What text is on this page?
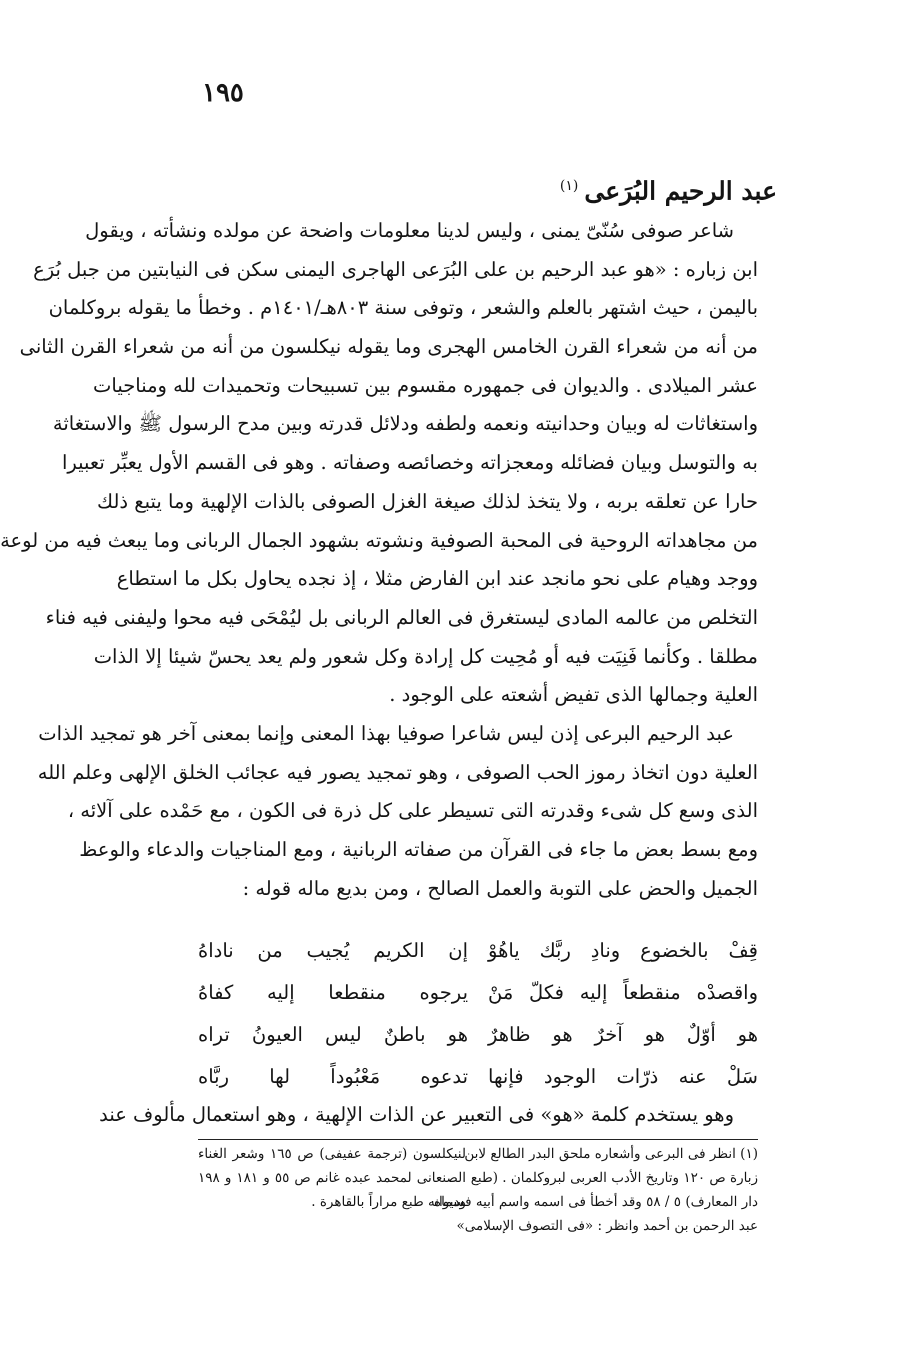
١٩٥
عبد الرحيم البُرَعى$^{(١)}$
شاعر صوفى سُنّىّ يمنى ، وليس لدينا معلومات واضحة عن مولده ونشأته ، ويقول
ابن زباره : «هو عبد الرحيم بن على البُرَعى الهاجرى اليمنى سكن فى النيابتين من جبل بُرَع
باليمن ، حيث اشتهر بالعلم والشعر ، وتوفى سنة ٨٠٣هـ/١٤٠١م . وخطأ ما يقوله بروكلمان
من أنه من شعراء القرن الخامس الهجرى وما يقوله نيكلسون من أنه من شعراء القرن الثانى
عشر الميلادى . والديوان فى جمهوره مقسوم بين تسبيحات وتحميدات لله ومناجيات
واستغاثات له وبيان وحدانيته ونعمه ولطفه ودلائل قدرته وبين مدح الرسول ﷺ والاستغاثة
به والتوسل وبيان فضائله ومعجزاته وخصائصه وصفاته . وهو فى القسم الأول يعبِّر تعبيرا
حارا عن تعلقه بربه ، ولا يتخذ لذلك صيغة الغزل الصوفى بالذات الإلهية وما يتبع ذلك
من مجاهداته الروحية فى المحبة الصوفية ونشوته بشهود الجمال الربانى وما يبعث فيه من لوعة
ووجد وهيام على نحو مانجد عند ابن الفارض مثلا ، إذ نجده يحاول بكل ما استطاع
التخلص من عالمه المادى ليستغرق فى العالم الربانى بل ليُمْحَى فيه محوا وليفنى فيه فناء
مطلقا . وكأنما فَنِيَت فيه أو مُحِيت كل إرادة وكل شعور ولم يعد يحسّ شيئا إلا الذات
العلية وجمالها الذى تفيض أشعته على الوجود .
عبد الرحيم البرعى إذن ليس شاعرا صوفيا بهذا المعنى وإنما بمعنى آخر هو تمجيد الذات
العلية دون اتخاذ رموز الحب الصوفى ، وهو تمجيد يصور فيه عجائب الخلق الإلهى وعلم الله
الذى وسع كل شىء وقدرته التى تسيطر على كل ذرة فى الكون ، مع حَمْده على آلائه ،
ومع بسط بعض ما جاء فى القرآن من صفاته الربانية ، ومع المناجيات والدعاء والوعظ
الجميل والحض على التوبة والعمل الصالح ، ومن بديع ماله قوله :
قِفْ بالخضوع ونادِ ربَّك ياهُوْ
إن الكريم يُجيب من ناداهُ
واقصدْه منقطعاً إليه فكلّ مَنْ
يرجوه منقطعا إليه كفاهُ
هو أوّلٌ هو آخرٌ هو ظاهرٌ
هو باطنٌ ليس العيونُ تراه
سَلْ عنه ذرّات الوجود فإنها
تدعوه مَعْبُوداً لها ربَّاه
وهو يستخدم كلمة «هو» فى التعبير عن الذات الإلهية ، وهو استعمال مألوف عند
(١) انظر فى البرعى وأشعاره ملحق البدر الطالع لابن
زبارة ص ١٢٠ وتاريخ الأدب العربى لبروكلمان . (طبع
دار المعارف) ٥ / ٥٨ وقد أخطأ فى اسمه واسم أبيه فسماه
عبد الرحمن بن أحمد وانظر : «فى التصوف الإسلامى»
لنيكلسون (ترجمة عفيفى) ص ١٦٥ وشعر الغناء
الصنعانى لمحمد عبده غانم ص ٥٥ و ١٨١ و ١٩٨
وديوانه طبع مراراً بالقاهرة .
